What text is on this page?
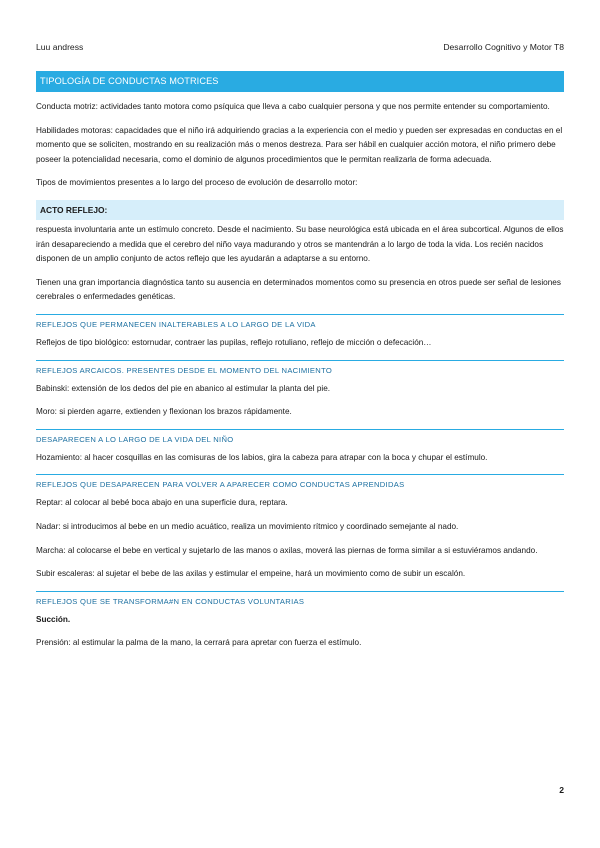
Luu andress	Desarrollo Cognitivo y Motor T8
TIPOLOGÍA DE CONDUCTAS MOTRICES

Conducta motriz: actividades tanto motora como psíquica que lleva a cabo cualquier persona y que nos permite entender su comportamiento.

Habilidades motoras: capacidades que el niño irá adquiriendo gracias a la experiencia con el medio y pueden ser expresadas en conductas en el momento que se soliciten, mostrando en su realización más o menos destreza. Para ser hábil en cualquier acción motora, el niño primero debe poseer la potencialidad necesaria, como el dominio de algunos procedimientos que le permitan realizarla de forma adecuada.

Tipos de movimientos presentes a lo largo del proceso de evolución de desarrollo motor:

ACTO REFLEJO:

respuesta involuntaria ante un estímulo concreto. Desde el nacimiento. Su base neurológica está ubicada en el área subcortical. Algunos de ellos irán desapareciendo a medida que el cerebro del niño vaya madurando y otros se mantendrán a lo largo de toda la vida. Los recién nacidos disponen de un amplio conjunto de actos reflejo que les ayudarán a adaptarse a su entorno.

Tienen una gran importancia diagnóstica tanto su ausencia en determinados momentos como su presencia en otros puede ser señal de lesiones cerebrales o enfermedades genéticas.

REFLEJOS QUE PERMANECEN INALTERABLES A LO LARGO DE LA VIDA

Reflejos de tipo biológico: estornudar, contraer las pupilas, reflejo rotuliano, reflejo de micción o defecación…

REFLEJOS ARCAICOS. PRESENTES DESDE EL MOMENTO DEL NACIMIENTO

Babinski: extensión de los dedos del pie en abanico al estimular la planta del pie.

Moro: si pierden agarre, extienden y flexionan los brazos rápidamente.

DESAPARECEN A LO LARGO DE LA VIDA DEL NIÑO

Hozamiento: al hacer cosquillas en las comisuras de los labios, gira la cabeza para atrapar con la boca y chupar el estímulo.

REFLEJOS QUE DESAPARECEN PARA VOLVER A APARECER COMO CONDUCTAS APRENDIDAS

Reptar: al colocar al bebé boca abajo en una superficie dura, reptara.

Nadar: si introducimos al bebe en un medio acuático, realiza un movimiento rítmico y coordinado semejante al nado.

Marcha: al colocarse el bebe en vertical y sujetarlo de las manos o axilas, moverá las piernas de forma similar a si estuviéramos andando.

Subir escaleras: al sujetar el bebe de las axilas y estimular el empeine, hará un movimiento como de subir un escalón.

REFLEJOS QUE SE TRANSFORMA#N EN CONDUCTAS VOLUNTARIAS

Succión.

Prensión: al estimular la palma de la mano, la cerrará para apretar con fuerza el estímulo.

2
